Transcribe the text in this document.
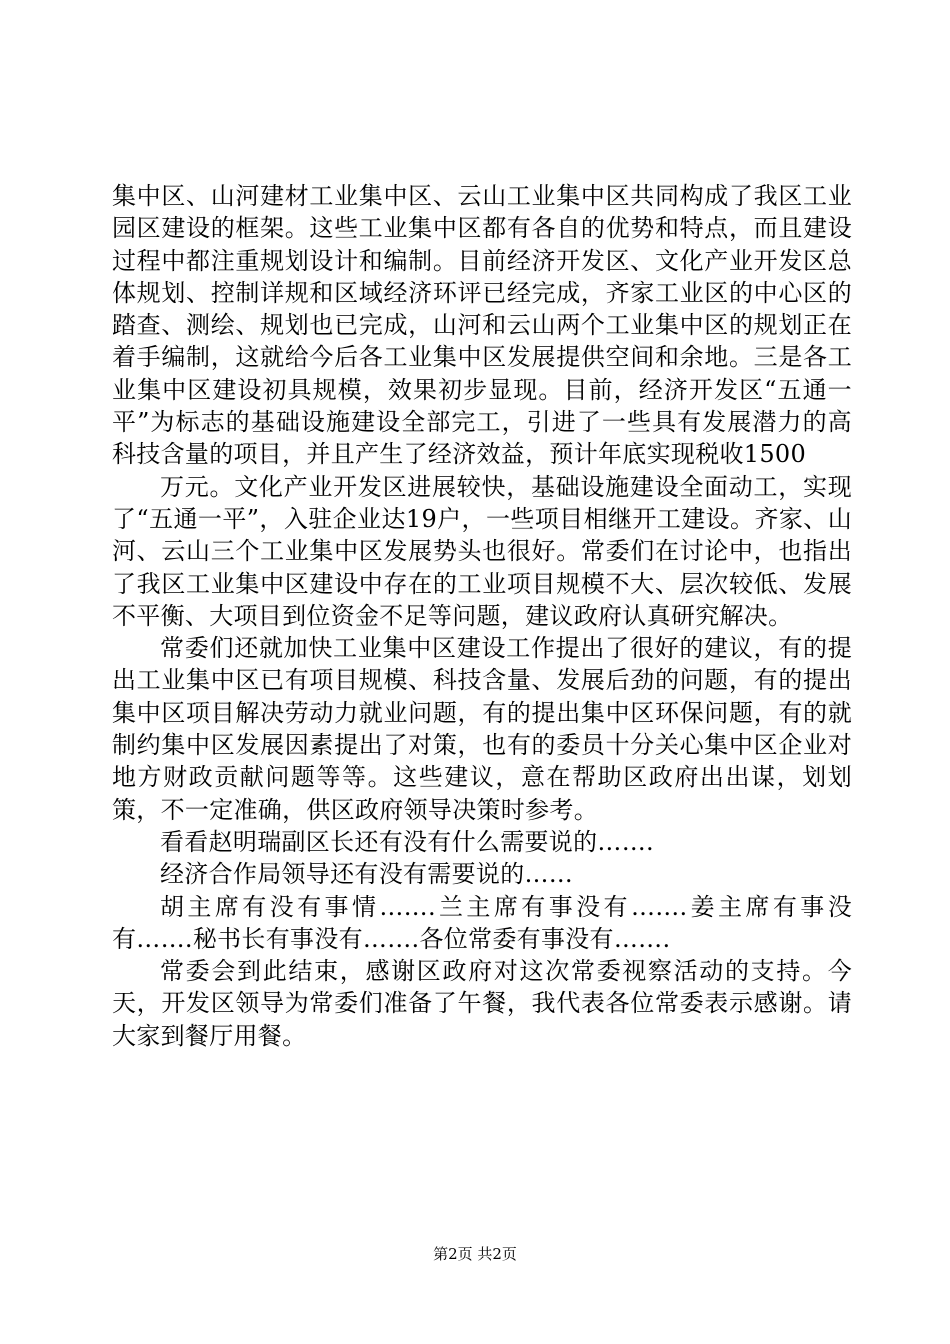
集中区、山河建材工业集中区、云山工业集中区共同构成了我区工业园区建设的框架。这些工业集中区都有各自的优势和特点，而且建设过程中都注重规划设计和编制。目前经济开发区、文化产业开发区总体规划、控制详规和区域经济环评已经完成，齐家工业区的中心区的踏查、测绘、规划也已完成，山河和云山两个工业集中区的规划正在着手编制，这就给今后各工业集中区发展提供空间和余地。三是各工业集中区建设初具规模，效果初步显现。目前，经济开发区“五通一平”为标志的基础设施建设全部完工，引进了一些具有发展潜力的高科技含量的项目，并且产生了经济效益，预计年底实现税收1500

万元。文化产业开发区进展较快，基础设施建设全面动工，实现了“五通一平”，入驻企业达19户，一些项目相继开工建设。齐家、山河、云山三个工业集中区发展势头也很好。常委们在讨论中，也指出了我区工业集中区建设中存在的工业项目规模不大、层次较低、发展不平衡、大项目到位资金不足等问题，建议政府认真研究解决。

常委们还就加快工业集中区建设工作提出了很好的建议，有的提出工业集中区已有项目规模、科技含量、发展后劲的问题，有的提出集中区项目解决劳动力就业问题，有的提出集中区环保问题，有的就制约集中区发展因素提出了对策，也有的委员十分关心集中区企业对地方财政贡献问题等等。这些建议，意在帮助区政府出出谋，划划策，不一定准确，供区政府领导决策时参考。

看看赵明瑞副区长还有没有什么需要说的…….

经济合作局领导还有没有需要说的……

胡主席有没有事情…….兰主席有事没有…….姜主席有事没有…….秘书长有事没有…….各位常委有事没有…….

常委会到此结束，感谢区政府对这次常委视察活动的支持。今天，开发区领导为常委们准备了午餐，我代表各位常委表示感谢。请大家到餐厅用餐。

第2页 共2页
